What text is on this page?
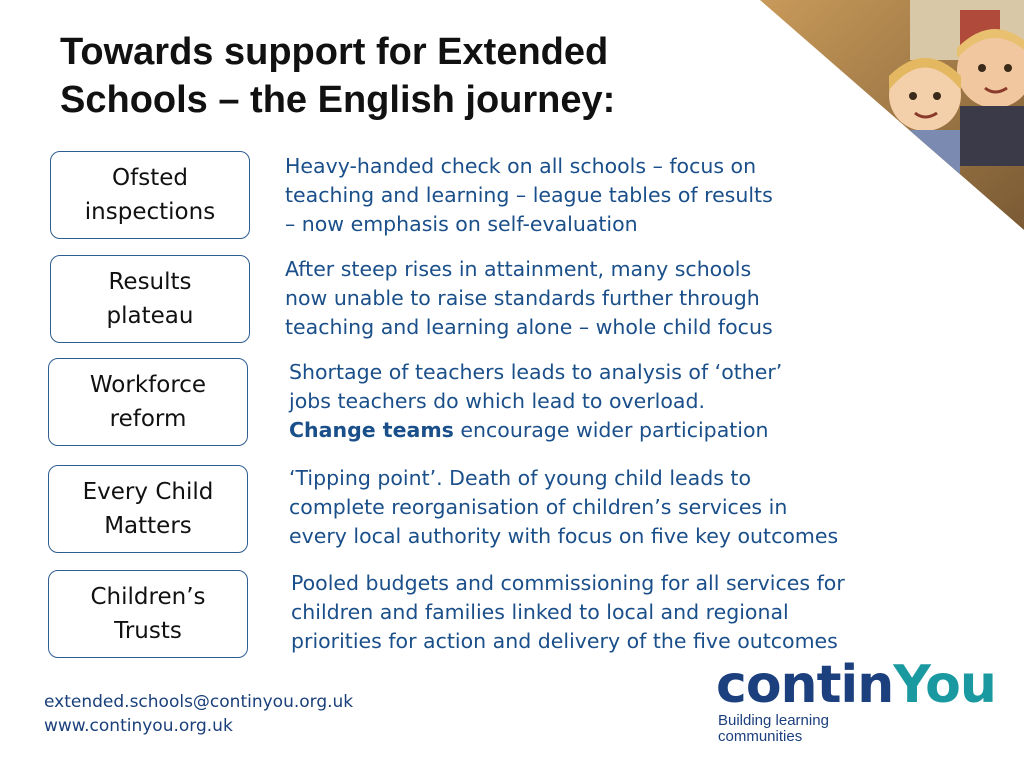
Towards support for Extended
Schools – the English journey:
Ofsted
inspections
Heavy-handed check on all schools – focus on
teaching and learning – league tables of results
– now emphasis on self-evaluation
Results
plateau
After steep rises in attainment, many schools
now unable to raise standards further through
teaching and learning alone – whole child focus
Workforce
reform
Shortage of teachers leads to analysis of ‘other’
jobs teachers do which lead to overload.
Change teams encourage wider participation
Every Child
Matters
‘Tipping point’. Death of young child leads to
complete reorganisation of children’s services in
every local authority with focus on five key outcomes
Children’s
Trusts
Pooled budgets and commissioning for all services for
children and families linked to local and regional
priorities for action and delivery of the five outcomes
extended.schools@continyou.org.uk
www.continyou.org.uk
continYou
Building learning
communities
